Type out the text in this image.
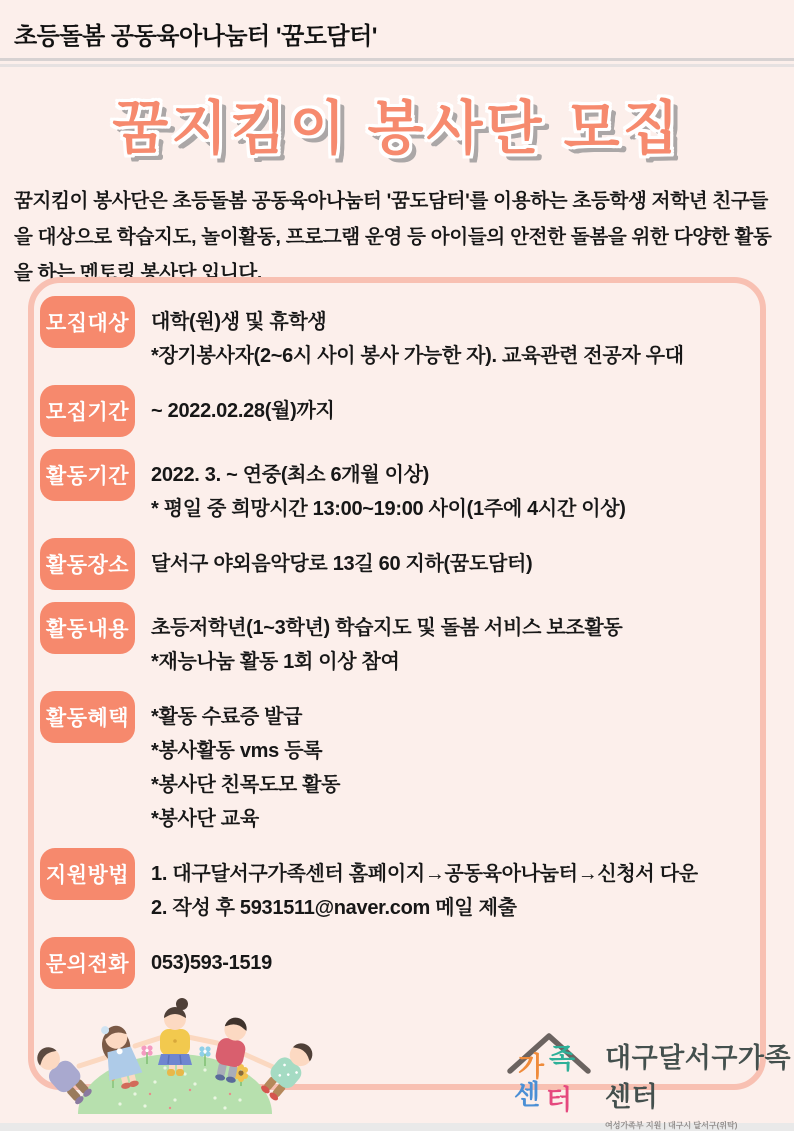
초등돌봄 공동육아나눔터 '꿈도담터'
꿈지킴이 봉사단 모집

꿈지킴이 봉사단은 초등돌봄 공동육아나눔터 '꿈도담터'를 이용하는 초등학생 저학년 친구들을 대상으로 학습지도, 놀이활동, 프로그램 운영 등 아이들의 안전한 돌봄을 위한 다양한 활동을 하는 멘토링 봉사단 입니다.

모집대상 대학(원)생 및 휴학생
*장기봉사자(2~6시 사이 봉사 가능한 자). 교육관련 전공자 우대
모집기간 ~ 2022.02.28(월)까지
활동기간 2022. 3. ~ 연중(최소 6개월 이상)
* 평일 중 희망시간 13:00~19:00 사이(1주에 4시간 이상)
활동장소 달서구 야외음악당로 13길 60 지하(꿈도담터)
활동내용 초등저학년(1~3학년) 학습지도 및 돌봄 서비스 보조활동
*재능나눔 활동 1회 이상 참여
활동혜택 *활동 수료증 발급
*봉사활동 vms 등록
*봉사단 친목도모 활동
*봉사단 교육
지원방법 1. 대구달서구가족센터 홈페이지→공동육아나눔터→신청서 다운
2. 작성 후 5931511@naver.com 메일 제출
문의전화 053)593-1519
가 족
센 터
대구달서구가족센터
여성가족부 지원 | 대구시 달서구(위탁)
